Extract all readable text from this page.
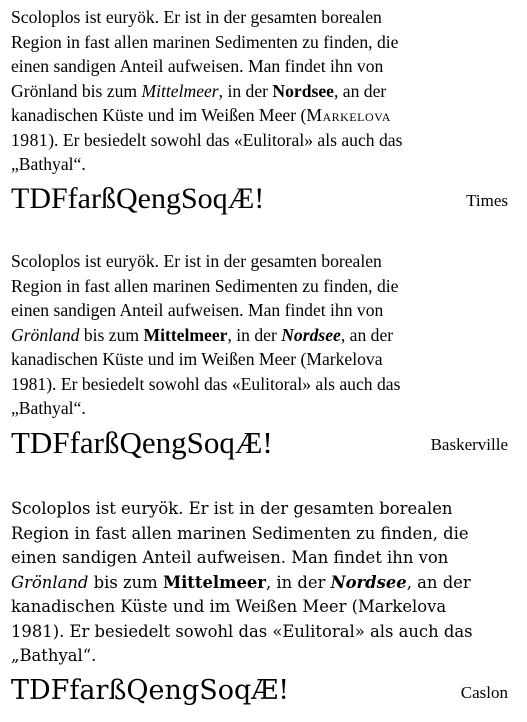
Scoloplos ist euryök. Er ist in der gesamten borealen
Region in fast allen marinen Sedimenten zu finden, die
einen sandigen Anteil aufweisen. Man findet ihn von
Grönland bis zum Mittelmeer, in der Nordsee, an der
kanadischen Küste und im Weißen Meer (Markelova
1981). Er besiedelt sowohl das «Eulitoral» als auch das
„Bathyal“.

TDFfarßQengSoqÆ!	Times

Scoloplos ist euryök. Er ist in der gesamten borealen
Region in fast allen marinen Sedimenten zu finden, die
einen sandigen Anteil aufweisen. Man findet ihn von
Grönland bis zum Mittelmeer, in der Nordsee, an der
kanadischen Küste und im Weißen Meer (Markelova
1981). Er besiedelt sowohl das «Eulitoral» als auch das
„Bathyal“.

TDFfarßQengSoqÆ!	Baskerville

Scoloplos ist euryök. Er ist in der gesamten borealen
Region in fast allen marinen Sedimenten zu finden, die
einen sandigen Anteil aufweisen. Man findet ihn von
Grönland bis zum Mittelmeer, in der Nordsee, an der
kanadischen Küste und im Weißen Meer (Markelova
1981). Er besiedelt sowohl das «Eulitoral» als auch das
„Bathyal“.

TDFfarßQengSoqÆ!	Caslon
